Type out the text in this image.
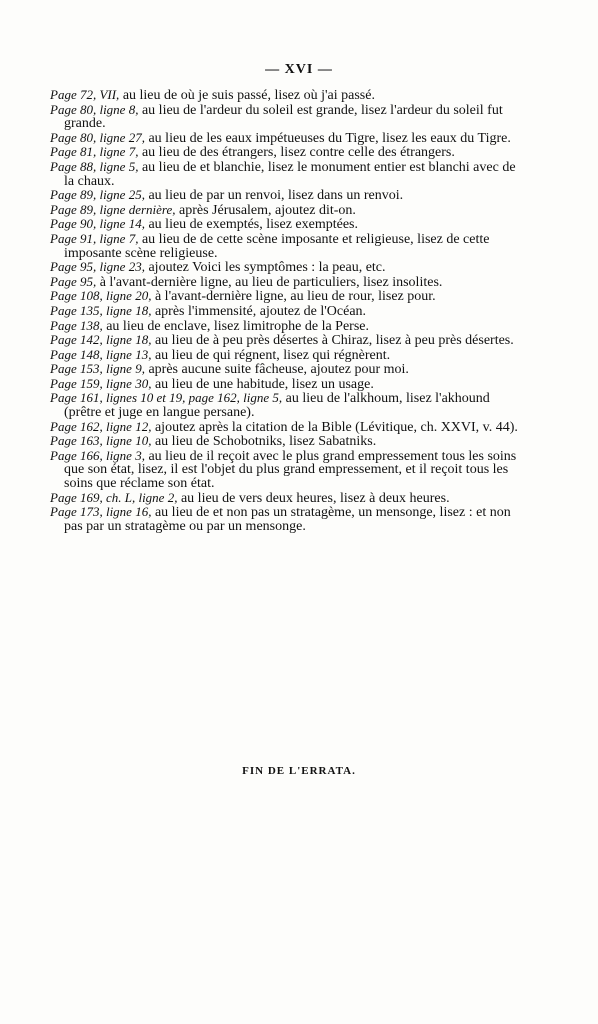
— XVI —

Page 72, VII, au lieu de où je suis passé, lisez où j'ai passé.

Page 80, ligne 8, au lieu de l'ardeur du soleil est grande, lisez l'ardeur du soleil fut grande.

Page 80, ligne 27, au lieu de les eaux impétueuses du Tigre, lisez les eaux du Tigre.

Page 81, ligne 7, au lieu de des étrangers, lisez contre celle des étrangers.

Page 88, ligne 5, au lieu de et blanchie, lisez le monument entier est blanchi avec de la chaux.

Page 89, ligne 25, au lieu de par un renvoi, lisez dans un renvoi.

Page 89, ligne dernière, après Jérusalem, ajoutez dit-on.

Page 90, ligne 14, au lieu de exemptés, lisez exemptées.

Page 91, ligne 7, au lieu de de cette scène imposante et religieuse, lisez de cette imposante scène religieuse.

Page 95, ligne 23, ajoutez Voici les symptômes : la peau, etc.

Page 95, à l'avant-dernière ligne, au lieu de particuliers, lisez insolites.

Page 108, ligne 20, à l'avant-dernière ligne, au lieu de rour, lisez pour.

Page 135, ligne 18, après l'immensité, ajoutez de l'Océan.

Page 138, au lieu de enclave, lisez limitrophe de la Perse.

Page 142, ligne 18, au lieu de à peu près désertes à Chiraz, lisez à peu près désertes.

Page 148, ligne 13, au lieu de qui régnent, lisez qui régnèrent.

Page 153, ligne 9, après aucune suite fâcheuse, ajoutez pour moi.

Page 159, ligne 30, au lieu de une habitude, lisez un usage.

Page 161, lignes 10 et 19, page 162, ligne 5, au lieu de l'alkhoum, lisez l'akhound (prêtre et juge en langue persane).

Page 162, ligne 12, ajoutez après la citation de la Bible (Lévitique, ch. XXVI, v. 44).

Page 163, ligne 10, au lieu de Schobotniks, lisez Sabatniks.

Page 166, ligne 3, au lieu de il reçoit avec le plus grand empressement tous les soins que son état, lisez, il est l'objet du plus grand empressement, et il reçoit tous les soins que réclame son état.

Page 169, ch. L, ligne 2, au lieu de vers deux heures, lisez à deux heures.

Page 173, ligne 16, au lieu de et non pas un stratagème, un mensonge, lisez : et non pas par un stratagème ou par un mensonge.

FIN DE L'ERRATA.
